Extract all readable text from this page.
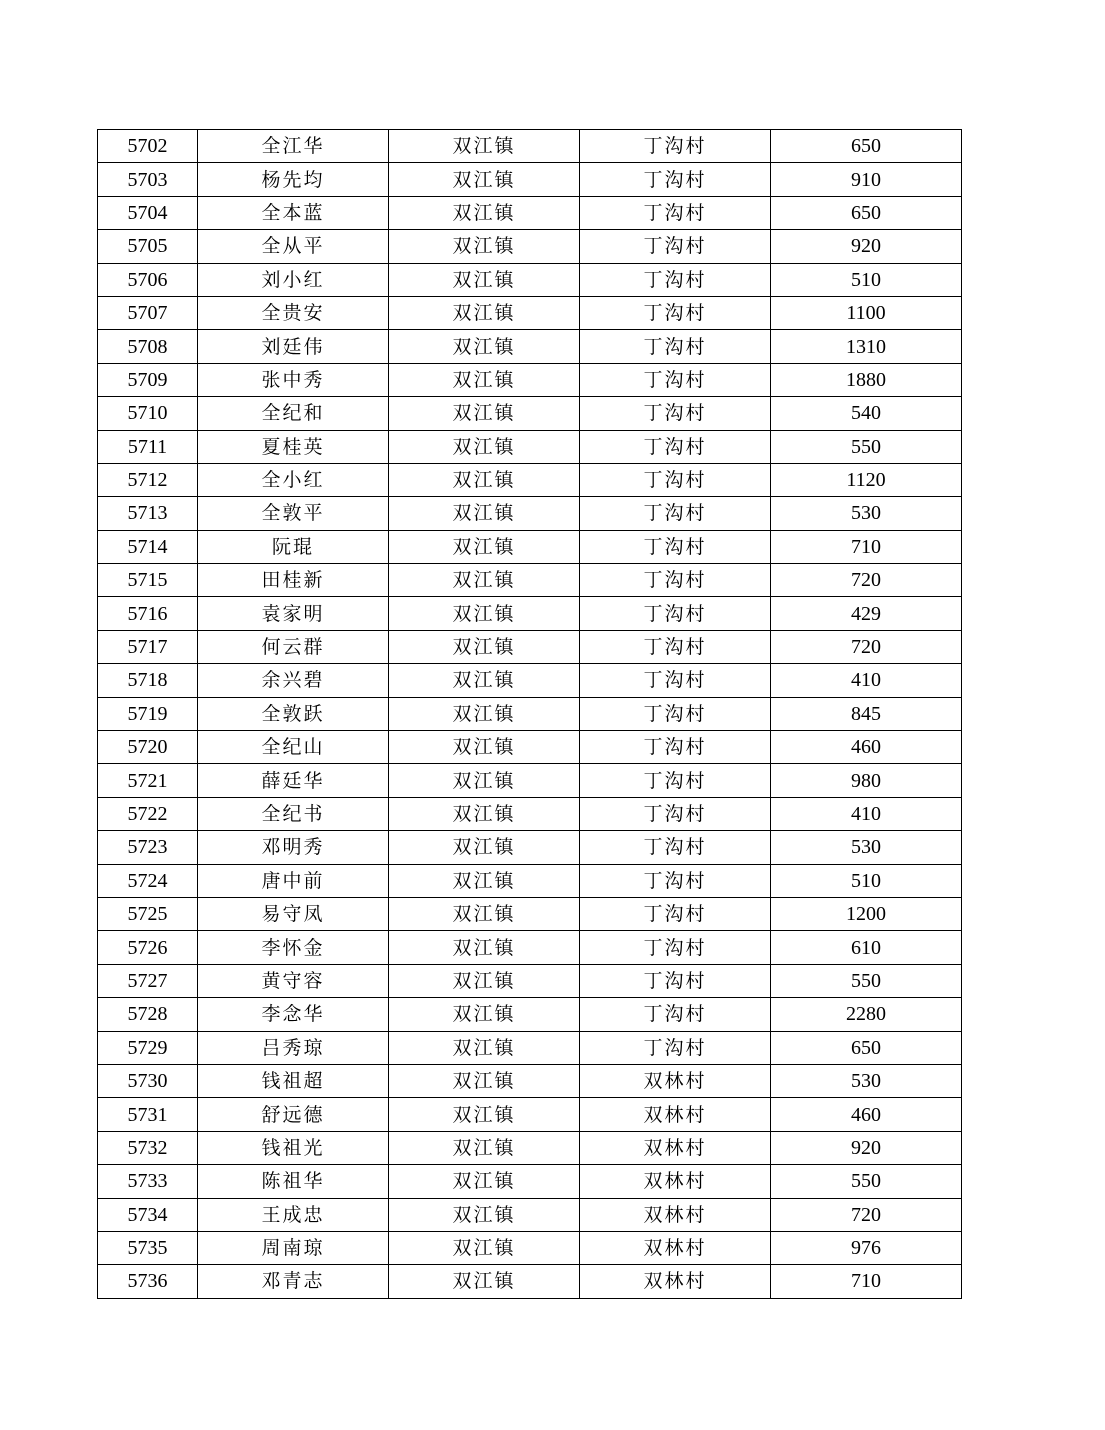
5702	全江华	双江镇	丁沟村	650
5703	杨先均	双江镇	丁沟村	910
5704	全本蓝	双江镇	丁沟村	650
5705	全从平	双江镇	丁沟村	920
5706	刘小红	双江镇	丁沟村	510
5707	全贵安	双江镇	丁沟村	1100
5708	刘廷伟	双江镇	丁沟村	1310
5709	张中秀	双江镇	丁沟村	1880
5710	全纪和	双江镇	丁沟村	540
5711	夏桂英	双江镇	丁沟村	550
5712	全小红	双江镇	丁沟村	1120
5713	全敦平	双江镇	丁沟村	530
5714	阮琨	双江镇	丁沟村	710
5715	田桂新	双江镇	丁沟村	720
5716	袁家明	双江镇	丁沟村	429
5717	何云群	双江镇	丁沟村	720
5718	余兴碧	双江镇	丁沟村	410
5719	全敦跃	双江镇	丁沟村	845
5720	全纪山	双江镇	丁沟村	460
5721	薛廷华	双江镇	丁沟村	980
5722	全纪书	双江镇	丁沟村	410
5723	邓明秀	双江镇	丁沟村	530
5724	唐中前	双江镇	丁沟村	510
5725	易守凤	双江镇	丁沟村	1200
5726	李怀金	双江镇	丁沟村	610
5727	黄守容	双江镇	丁沟村	550
5728	李念华	双江镇	丁沟村	2280
5729	吕秀琼	双江镇	丁沟村	650
5730	钱祖超	双江镇	双林村	530
5731	舒远德	双江镇	双林村	460
5732	钱祖光	双江镇	双林村	920
5733	陈祖华	双江镇	双林村	550
5734	王成忠	双江镇	双林村	720
5735	周南琼	双江镇	双林村	976
5736	邓青志	双江镇	双林村	710
